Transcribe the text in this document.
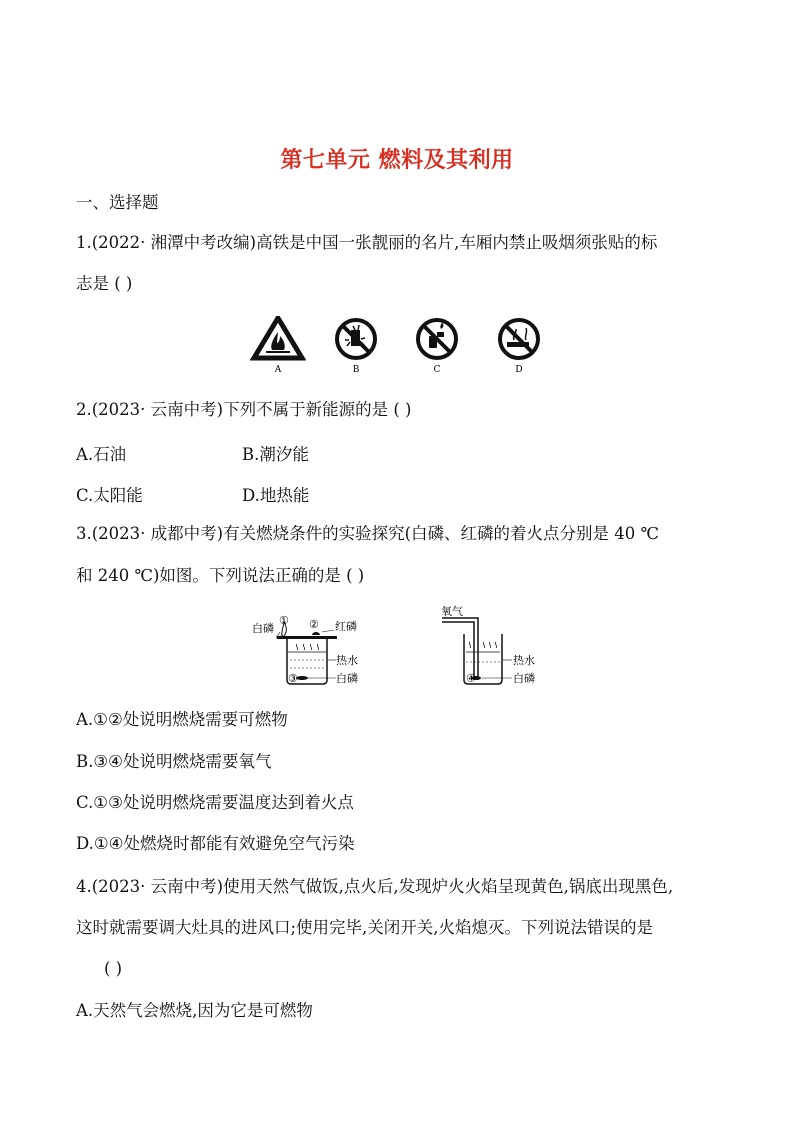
第七单元 燃料及其利用
一、选择题
1.(2022· 湘潭中考改编)高铁是中国一张靓丽的名片,车厢内禁止吸烟须张贴的标
志是 ( )
A	B	C	D
2.(2023· 云南中考)下列不属于新能源的是 ( )
A.石油	B.潮汐能
C.太阳能	D.地热能
3.(2023· 成都中考)有关燃烧条件的实验探究(白磷、红磷的着火点分别是 40 ℃
和 240 ℃)如图。下列说法正确的是 ( )
白磷
① ② 红磷
热水
③	白磷
氧气
热水
④	白磷
A.①②处说明燃烧需要可燃物
B.③④处说明燃烧需要氧气
C.①③处说明燃烧需要温度达到着火点
D.①④处燃烧时都能有效避免空气污染
4.(2023· 云南中考)使用天然气做饭,点火后,发现炉火火焰呈现黄色,锅底出现黑色,
这时就需要调大灶具的进风口;使用完毕,关闭开关,火焰熄灭。下列说法错误的是
( )
A.天然气会燃烧,因为它是可燃物
